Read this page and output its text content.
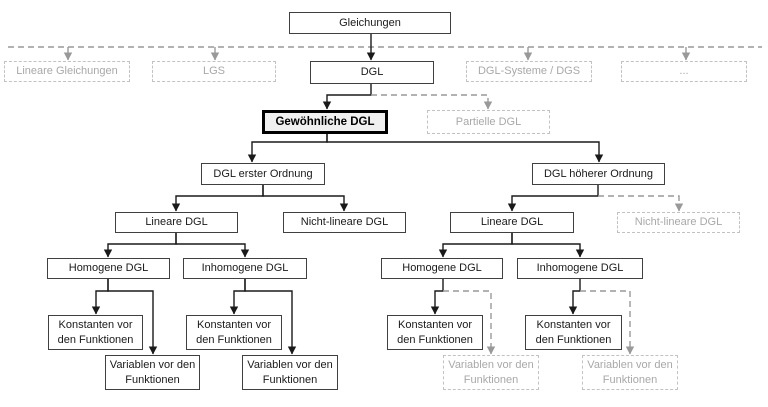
Gleichungen
Lineare Gleichungen	LGS	DGL	DGL-Systeme / DGS	...
Gewöhnliche DGL	Partielle DGL
DGL erster Ordnung	DGL höherer Ordnung
Lineare DGL	Nicht-lineare DGL	Lineare DGL	Nicht-lineare DGL
Homogene DGL	Inhomogene DGL	Homogene DGL	Inhomogene DGL
Konstanten vor den Funktionen
Konstanten vor den Funktionen
Konstanten vor den Funktionen
Konstanten vor den Funktionen
Variablen vor den Funktionen
Variablen vor den Funktionen
Variablen vor den Funktionen
Variablen vor den Funktionen
